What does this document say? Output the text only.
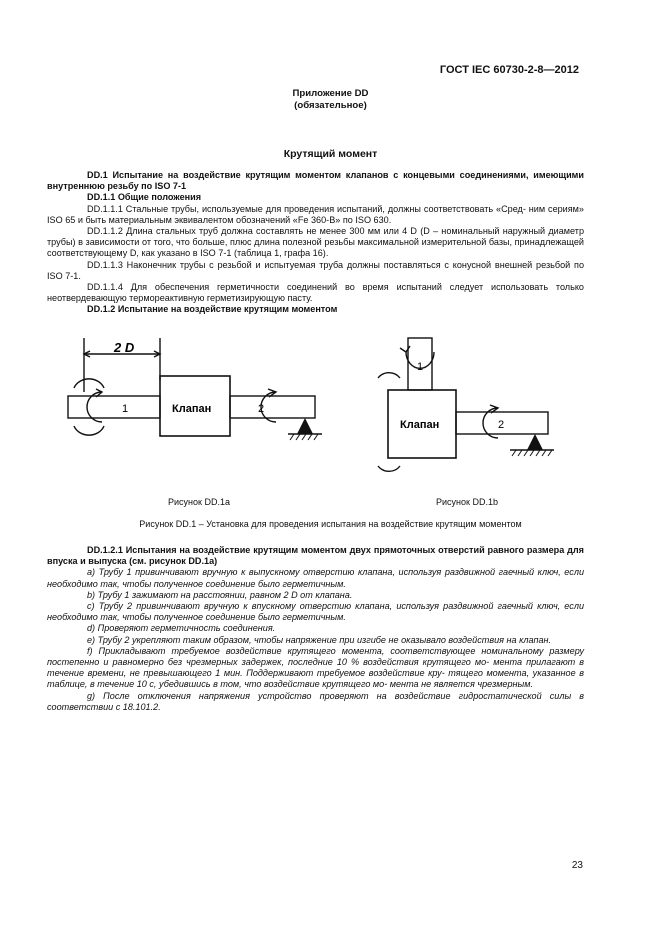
ГОСТ IEC 60730-2-8—2012
Приложение DD
(обязательное)
Крутящий момент

DD.1 Испытание на воздействие крутящим моментом клапанов с концевыми соединениями, имеющими внутреннюю резьбу по ISO 7-1

DD.1.1 Общие положения

DD.1.1.1 Стальные трубы, используемые для проведения испытаний, должны соответствовать «Сред- ним сериям» ISO 65 и быть материальным эквивалентом обозначений «Fe 360-B» по ISO 630.

DD.1.1.2 Длина стальных труб должна составлять не менее 300 мм или 4 D (D – номинальный наружный диаметр трубы) в зависимости от того, что больше, плюс длина полезной резьбы максимальной измерительной базы, принадлежащей соответствующему D, как указано в ISO 7-1 (таблица 1, графа 16).

DD.1.1.3 Наконечник трубы с резьбой и испытуемая труба должны поставляться с конусной внешней резьбой по ISO 7-1.

DD.1.1.4 Для обеспечения герметичности соединений во время испытаний следует использовать только неотвердевающую термореактивную герметизирующую пасту.

DD.1.2 Испытание на воздействие крутящим моментом

2 D
1	Клапан	2
1
Клапан	2
Рисунок DD.1a	Рисунок DD.1b
Рисунок DD.1 – Установка для проведения испытания на воздействие крутящим моментом

DD.1.2.1 Испытания на воздействие крутящим моментом двух прямоточных отверстий равного размера для впуска и выпуска (см. рисунок DD.1а)

а) Трубу 1 привинчивают вручную к выпускному отверстию клапана, используя раздвижной гаечный ключ, если необходимо так, чтобы полученное соединение было герметичным.

b) Трубу 1 зажимают на расстоянии, равном 2 D от клапана.

c) Трубу 2 привинчивают вручную к впускному отверстию клапана, используя раздвижной гаечный ключ, если необходимо так, чтобы полученное соединение было герметичным.

d) Проверяют герметичность соединения.

е) Трубу 2 укрепляют таким образом, чтобы напряжение при изгибе не оказывало воздействия на клапан.

f) Прикладывают требуемое воздействие крутящего момента, соответствующее номинальному размеру постепенно и равномерно без чрезмерных задержек, последние 10 % воздействия крутящего мо- мента прилагают в течение времени, не превышающего 1 мин. Поддерживают требуемое воздействие кру- тящего момента, указанное в таблице, в течение 10 с, убедившись в том, что воздействие крутящего мо- мента не является чрезмерным.

g) После отключения напряжения устройство проверяют на воздействие гидростатической силы в соответствии с 18.101.2.

23
